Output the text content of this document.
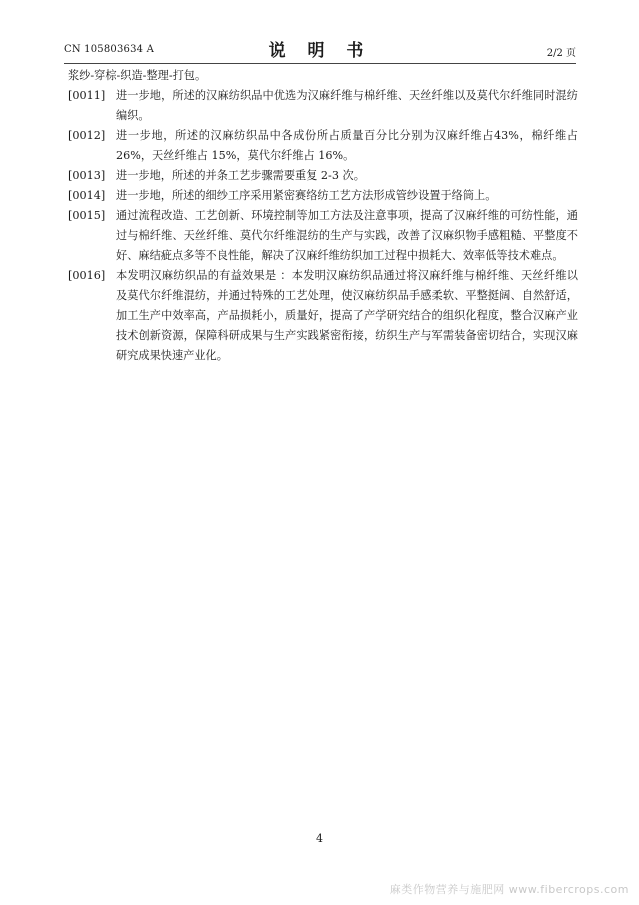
CN 105803634 A	说 明 书	2/2 页

浆纱-穿棕-织造-整理-打包。

[0011] 进一步地，所述的汉麻纺织品中优选为汉麻纤维与棉纤维、天丝纤维以及莫代尔纤维同时混纺编织。
[0012] 进一步地，所述的汉麻纺织品中各成份所占质量百分比分别为汉麻纤维占43%，棉纤维占 26%，天丝纤维占 15%，莫代尔纤维占 16%。
[0013] 进一步地，所述的并条工艺步骤需要重复 2-3 次。
[0014] 进一步地，所述的细纱工序采用紧密赛络纺工艺方法形成管纱设置于络筒上。
[0015] 通过流程改造、工艺创新、环境控制等加工方法及注意事项，提高了汉麻纤维的可纺性能，通过与棉纤维、天丝纤维、莫代尔纤维混纺的生产与实践，改善了汉麻织物手感粗糙、平整度不好、麻结疵点多等不良性能，解决了汉麻纤维纺织加工过程中损耗大、效率低等技术难点。
[0016] 本发明汉麻纺织品的有益效果是 ：本发明汉麻纺织品通过将汉麻纤维与棉纤维、天丝纤维以及莫代尔纤维混纺，并通过特殊的工艺处理，使汉麻纺织品手感柔软、平整挺阔、自然舒适，加工生产中效率高，产品损耗小，质量好，提高了产学研究结合的组织化程度，整合汉麻产业技术创新资源，保障科研成果与生产实践紧密衔接，纺织生产与军需装备密切结合，实现汉麻研究成果快速产业化。
4
麻类作物营养与施肥网 www.fibercrops.com
